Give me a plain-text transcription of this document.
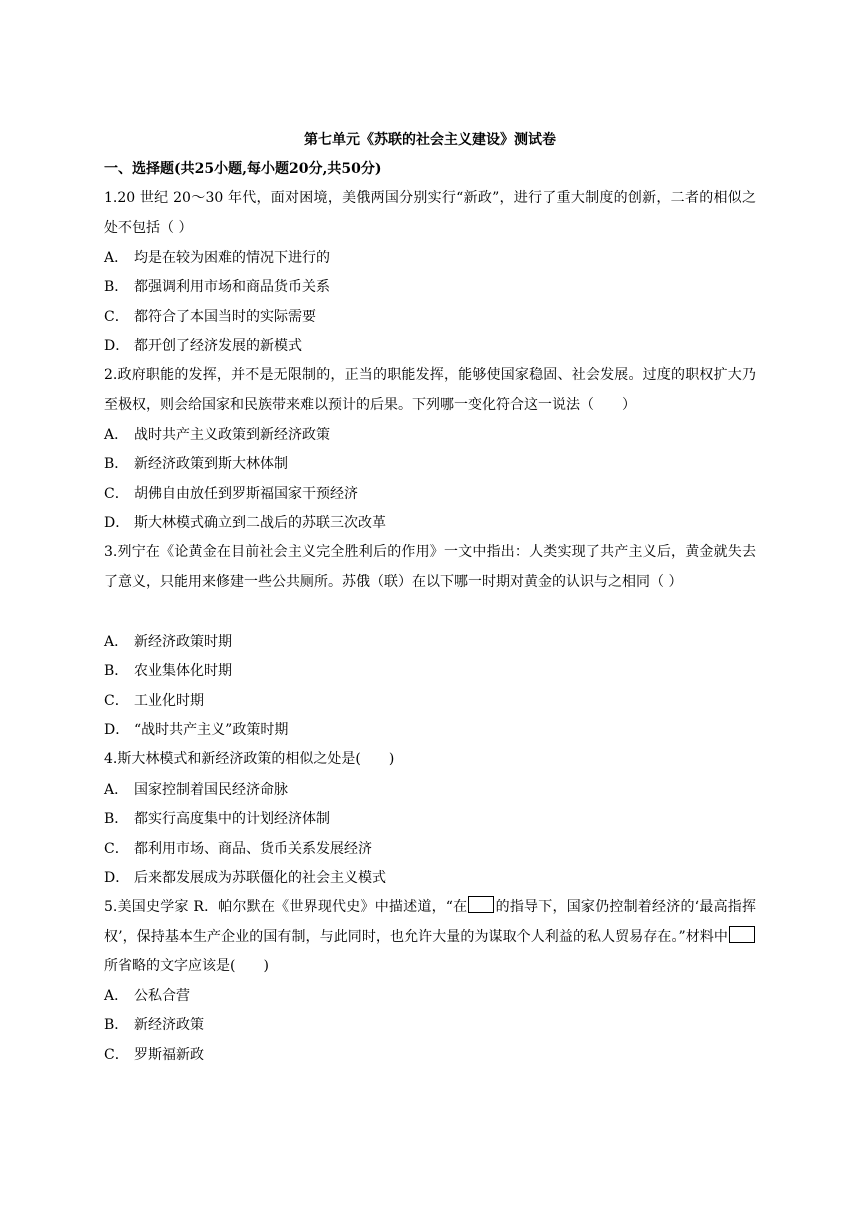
第七单元《苏联的社会主义建设》测试卷
一、选择题(共25小题,每小题20分,共50分)
1.20 世纪 20～30 年代，面对困境，美俄两国分别实行“新政”，进行了重大制度的创新，二者的相似之处不包括（ ）
A． 均是在较为困难的情况下进行的
B． 都强调利用市场和商品货币关系
C． 都符合了本国当时的实际需要
D． 都开创了经济发展的新模式
2.政府职能的发挥，并不是无限制的，正当的职能发挥，能够使国家稳固、社会发展。过度的职权扩大乃至极权，则会给国家和民族带来难以预计的后果。下列哪一变化符合这一说法（　　）
A． 战时共产主义政策到新经济政策
B． 新经济政策到斯大林体制
C． 胡佛自由放任到罗斯福国家干预经济
D． 斯大林模式确立到二战后的苏联三次改革
3.列宁在《论黄金在目前社会主义完全胜利后的作用》一文中指出：人类实现了共产主义后，黄金就失去了意义，只能用来修建一些公共厕所。苏俄（联）在以下哪一时期对黄金的认识与之相同（ ）
A． 新经济政策时期
B． 农业集体化时期
C． 工业化时期
D． “战时共产主义”政策时期
4.斯大林模式和新经济政策的相似之处是(　　)
A． 国家控制着国民经济命脉
B． 都实行高度集中的计划经济体制
C． 都利用市场、商品、货币关系发展经济
D． 后来都发展成为苏联僵化的社会主义模式
5.美国史学家 R．帕尔默在《世界现代史》中描述道，“在 的指导下，国家仍控制着经济的‘最高指挥权’，保持基本生产企业的国有制，与此同时，也允许大量的为谋取个人利益的私人贸易存在。”材料中所省略的文字应该是(　　)
A． 公私合营
B． 新经济政策
C． 罗斯福新政
